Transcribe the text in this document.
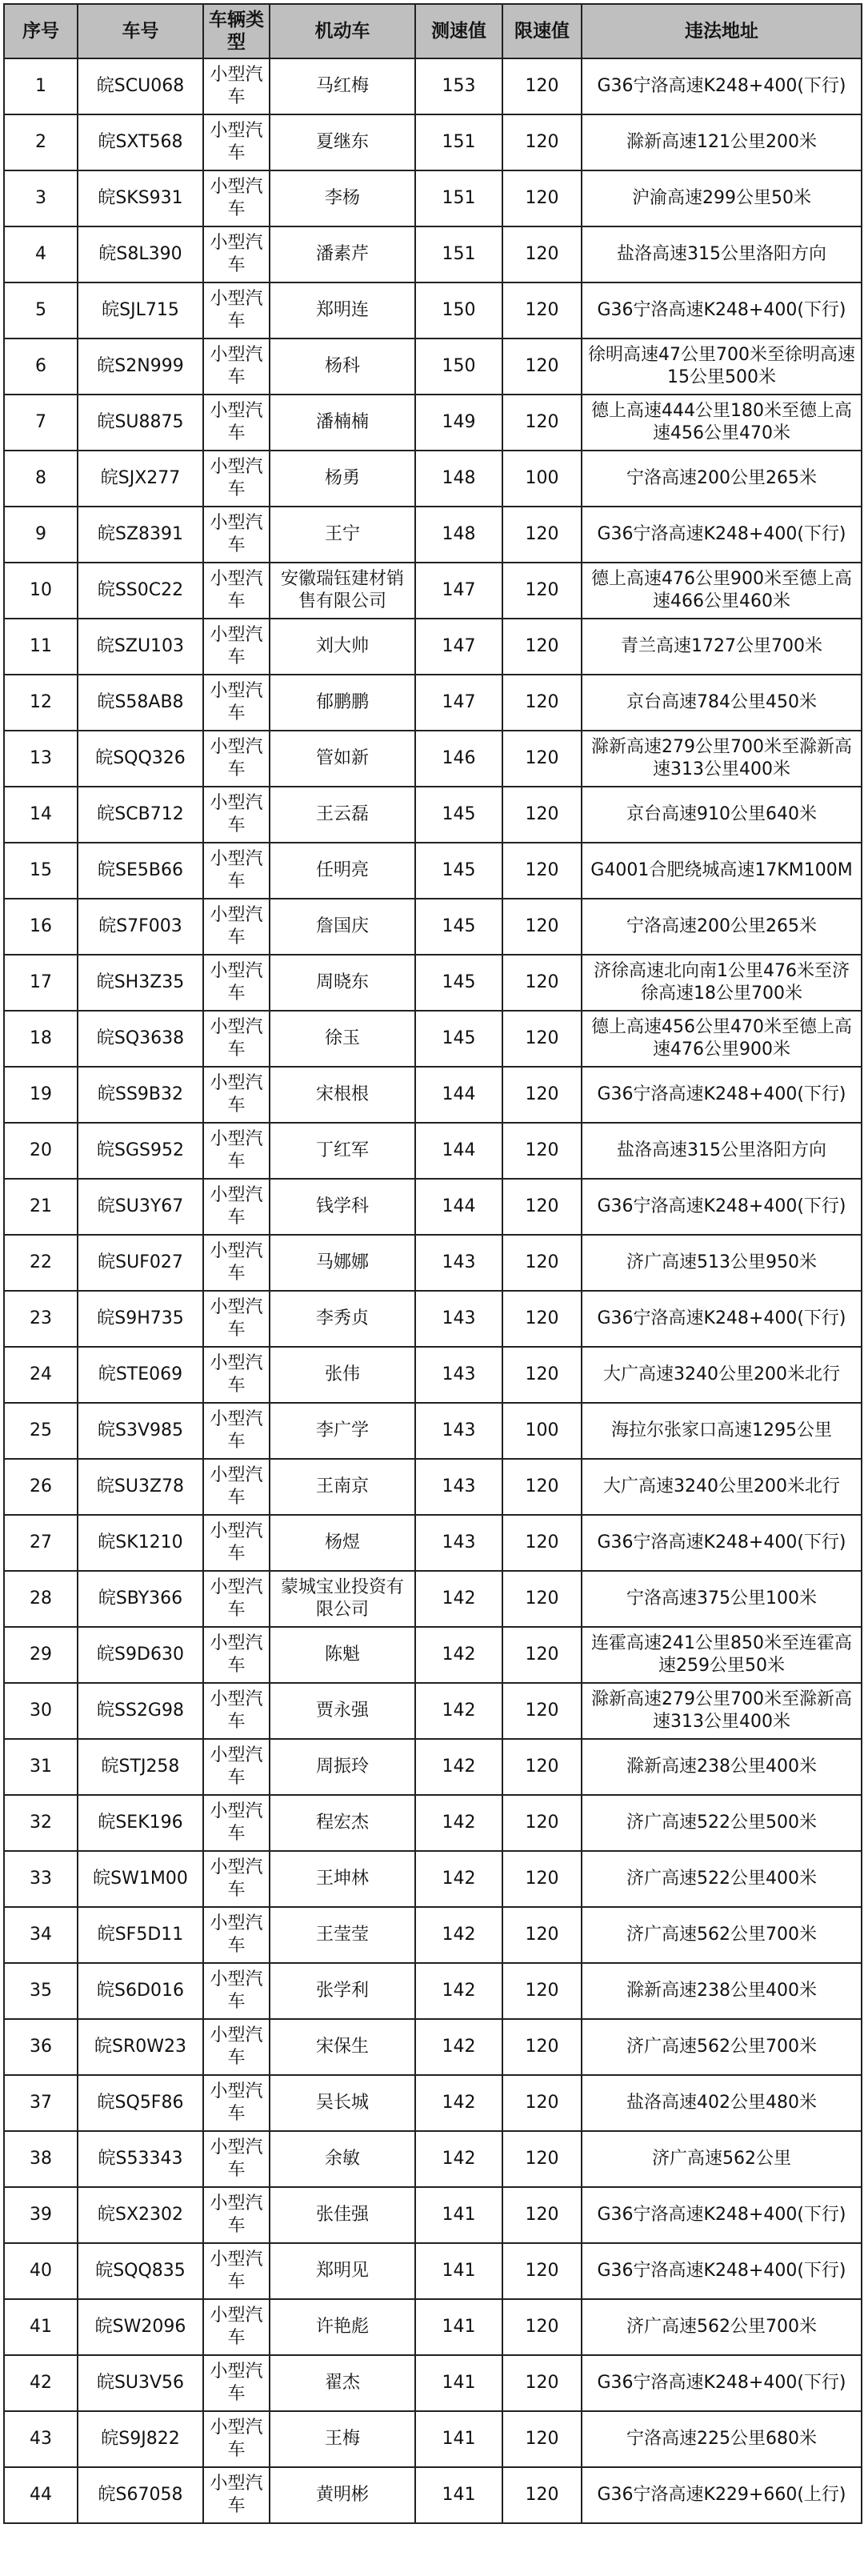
序号	车号	车辆类型	机动车	测速值	限速值	违法地址
1	皖SCU068	小型汽车	马红梅	153	120	G36宁洛高速K248+400(下行)
2	皖SXT568	小型汽车	夏继东	151	120	滁新高速121公里200米
3	皖SKS931	小型汽车	李杨	151	120	沪渝高速299公里50米
4	皖S8L390	小型汽车	潘素芹	151	120	盐洛高速315公里洛阳方向
5	皖SJL715	小型汽车	郑明连	150	120	G36宁洛高速K248+400(下行)
6	皖S2N999	小型汽车	杨科	150	120	徐明高速47公里700米至徐明高速15公里500米
7	皖SU8875	小型汽车	潘楠楠	149	120	德上高速444公里180米至德上高速456公里470米
8	皖SJX277	小型汽车	杨勇	148	100	宁洛高速200公里265米
9	皖SZ8391	小型汽车	王宁	148	120	G36宁洛高速K248+400(下行)
10	皖SS0C22	小型汽车	安徽瑞钰建材销售有限公司	147	120	德上高速476公里900米至德上高速466公里460米
11	皖SZU103	小型汽车	刘大帅	147	120	青兰高速1727公里700米
12	皖S58AB8	小型汽车	郁鹏鹏	147	120	京台高速784公里450米
13	皖SQQ326	小型汽车	管如新	146	120	滁新高速279公里700米至滁新高速313公里400米
14	皖SCB712	小型汽车	王云磊	145	120	京台高速910公里640米
15	皖SE5B66	小型汽车	任明亮	145	120	G4001合肥绕城高速17KM100M
16	皖S7F003	小型汽车	詹国庆	145	120	宁洛高速200公里265米
17	皖SH3Z35	小型汽车	周晓东	145	120	济徐高速北向南1公里476米至济徐高速18公里700米
18	皖SQ3638	小型汽车	徐玉	145	120	德上高速456公里470米至德上高速476公里900米
19	皖SS9B32	小型汽车	宋根根	144	120	G36宁洛高速K248+400(下行)
20	皖SGS952	小型汽车	丁红军	144	120	盐洛高速315公里洛阳方向
21	皖SU3Y67	小型汽车	钱学科	144	120	G36宁洛高速K248+400(下行)
22	皖SUF027	小型汽车	马娜娜	143	120	济广高速513公里950米
23	皖S9H735	小型汽车	李秀贞	143	120	G36宁洛高速K248+400(下行)
24	皖STE069	小型汽车	张伟	143	120	大广高速3240公里200米北行
25	皖S3V985	小型汽车	李广学	143	100	海拉尔张家口高速1295公里
26	皖SU3Z78	小型汽车	王南京	143	120	大广高速3240公里200米北行
27	皖SK1210	小型汽车	杨煜	143	120	G36宁洛高速K248+400(下行)
28	皖SBY366	小型汽车	蒙城宝业投资有限公司	142	120	宁洛高速375公里100米
29	皖S9D630	小型汽车	陈魁	142	120	连霍高速241公里850米至连霍高速259公里50米
30	皖SS2G98	小型汽车	贾永强	142	120	滁新高速279公里700米至滁新高速313公里400米
31	皖STJ258	小型汽车	周振玲	142	120	滁新高速238公里400米
32	皖SEK196	小型汽车	程宏杰	142	120	济广高速522公里500米
33	皖SW1M00	小型汽车	王坤林	142	120	济广高速522公里400米
34	皖SF5D11	小型汽车	王莹莹	142	120	济广高速562公里700米
35	皖S6D016	小型汽车	张学利	142	120	滁新高速238公里400米
36	皖SR0W23	小型汽车	宋保生	142	120	济广高速562公里700米
37	皖SQ5F86	小型汽车	吴长城	142	120	盐洛高速402公里480米
38	皖S53343	小型汽车	余敏	142	120	济广高速562公里
39	皖SX2302	小型汽车	张佳强	141	120	G36宁洛高速K248+400(下行)
40	皖SQQ835	小型汽车	郑明见	141	120	G36宁洛高速K248+400(下行)
41	皖SW2096	小型汽车	许艳彪	141	120	济广高速562公里700米
42	皖SU3V56	小型汽车	翟杰	141	120	G36宁洛高速K248+400(下行)
43	皖S9J822	小型汽车	王梅	141	120	宁洛高速225公里680米
44	皖S67058	小型汽车	黄明彬	141	120	G36宁洛高速K229+660(上行)
